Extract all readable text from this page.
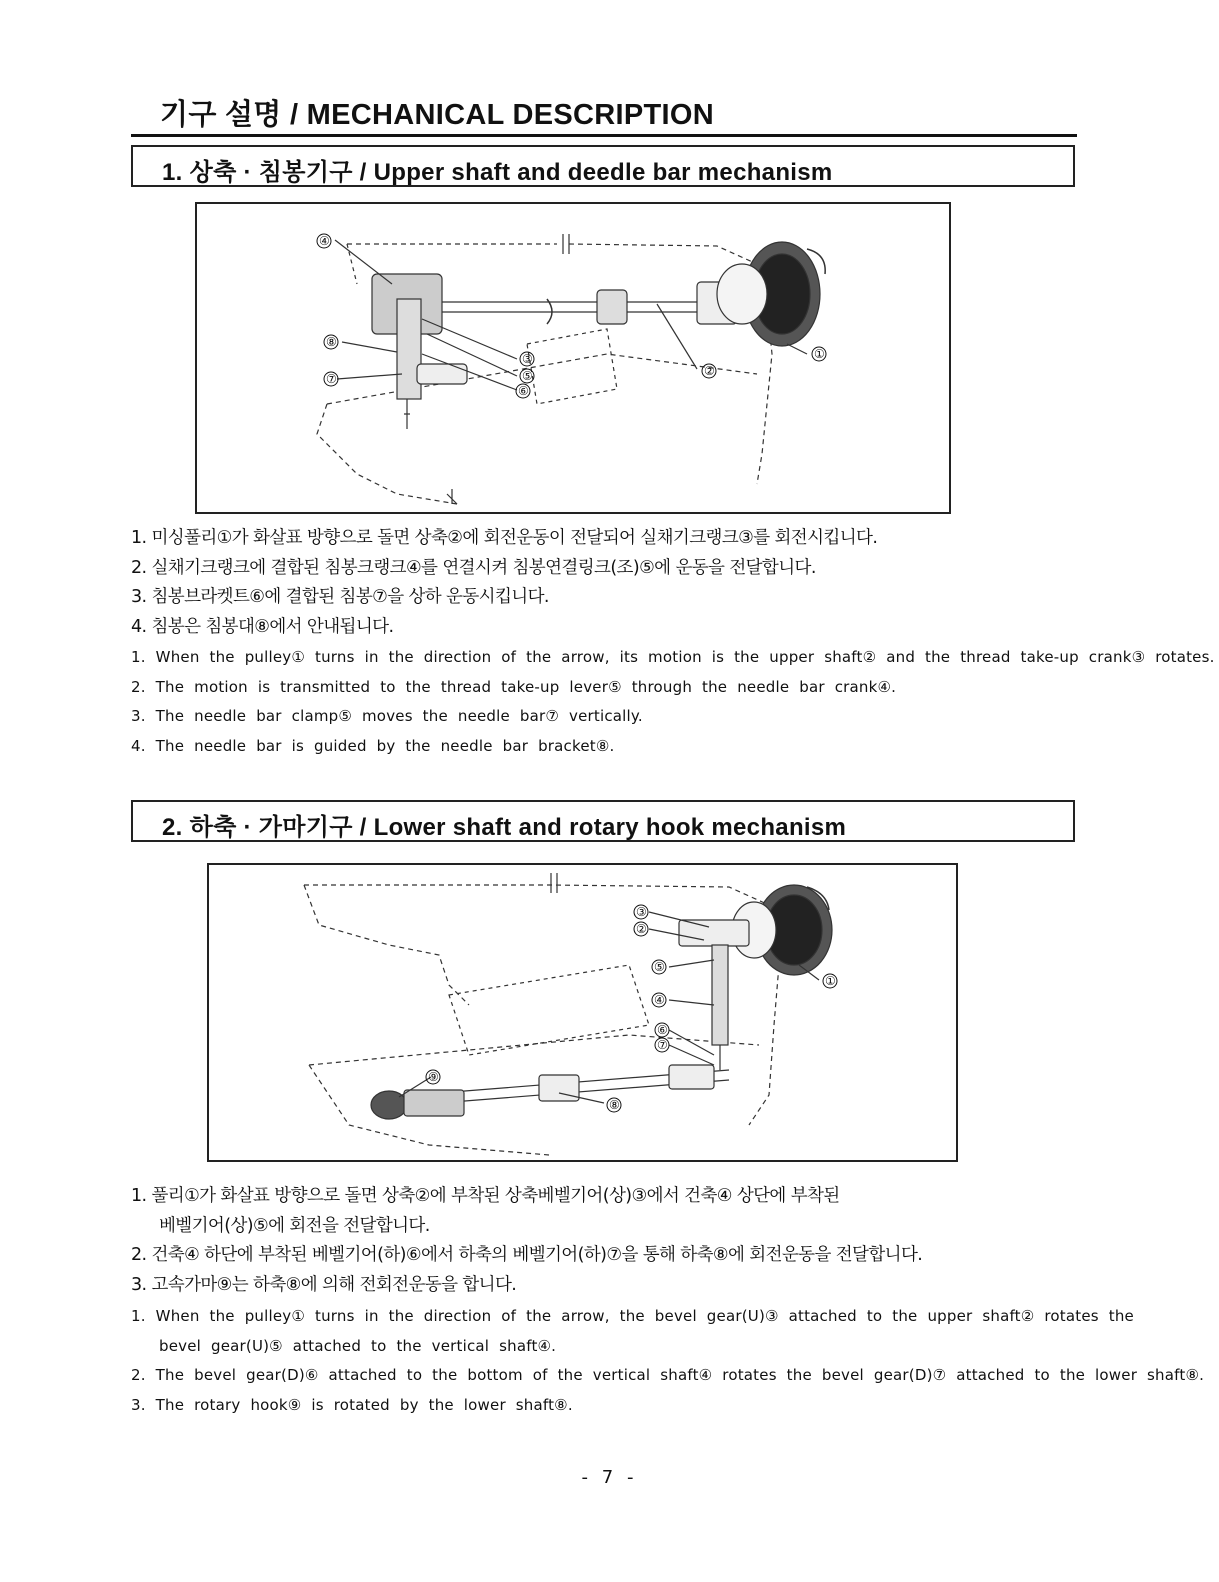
기구 설명 / MECHANICAL DESCRIPTION
1. 상축 · 침봉기구 / Upper shaft and deedle bar mechanism
④
⑧
⑦
③
⑤
⑥
②
①
1. 미싱풀리①가 화살표 방향으로 돌면 상축②에 회전운동이 전달되어 실채기크랭크③를 회전시킵니다.
2. 실채기크랭크에 결합된 침봉크랭크④를 연결시켜 침봉연결링크(조)⑤에 운동을 전달합니다.
3. 침봉브라켓트⑥에 결합된 침봉⑦을 상하 운동시킵니다.
4. 침봉은 침봉대⑧에서 안내됩니다.
1. When the pulley① turns in the direction of the arrow, its motion is the upper shaft② and the thread take-up crank③ rotates.
2. The motion is transmitted to the thread take-up lever⑤ through the needle bar crank④.
3. The needle bar clamp⑤ moves the needle bar⑦ vertically.
4. The needle bar is guided by the needle bar bracket⑧.
2. 하축 · 가마기구 / Lower shaft and rotary hook mechanism
③
②
⑤
④
⑥
⑦
⑨
⑧
①
1. 풀리①가 화살표 방향으로 돌면 상축②에 부착된 상축베벨기어(상)③에서 건축④ 상단에 부착된
베벨기어(상)⑤에 회전을 전달합니다.
2. 건축④ 하단에 부착된 베벨기어(하)⑥에서 하축의 베벨기어(하)⑦을 통해 하축⑧에 회전운동을 전달합니다.
3. 고속가마⑨는 하축⑧에 의해 전회전운동을 합니다.
1. When the pulley① turns in the direction of the arrow, the bevel gear(U)③ attached to the upper shaft② rotates the
bevel gear(U)⑤ attached to the vertical shaft④.
2. The bevel gear(D)⑥ attached to the bottom of the vertical shaft④ rotates the bevel gear(D)⑦ attached to the lower shaft⑧.
3. The rotary hook⑨ is rotated by the lower shaft⑧.
- 7 -
